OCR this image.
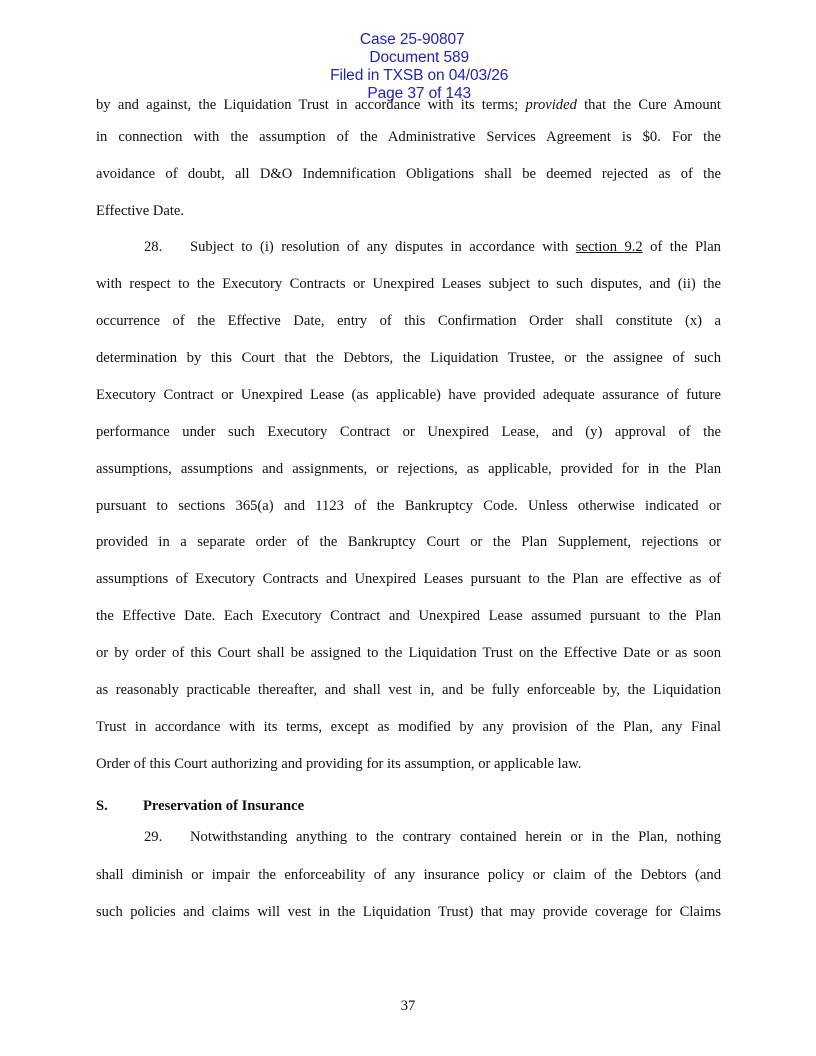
Case 25-90807
Document 589
Filed in TXSB on 04/03/26
Page 37 of 143

by and against, the Liquidation Trust in accordance with its terms; provided that the Cure Amount
in connection with the assumption of the Administrative Services Agreement is $0. For the
avoidance of doubt, all D&O Indemnification Obligations shall be deemed rejected as of the
Effective Date.
28. Subject to (i) resolution of any disputes in accordance with section 9.2 of the Plan
with respect to the Executory Contracts or Unexpired Leases subject to such disputes, and (ii) the
occurrence of the Effective Date, entry of this Confirmation Order shall constitute (x) a
determination by this Court that the Debtors, the Liquidation Trustee, or the assignee of such
Executory Contract or Unexpired Lease (as applicable) have provided adequate assurance of future
performance under such Executory Contract or Unexpired Lease, and (y) approval of the
assumptions, assumptions and assignments, or rejections, as applicable, provided for in the Plan
pursuant to sections 365(a) and 1123 of the Bankruptcy Code. Unless otherwise indicated or
provided in a separate order of the Bankruptcy Court or the Plan Supplement, rejections or
assumptions of Executory Contracts and Unexpired Leases pursuant to the Plan are effective as of
the Effective Date. Each Executory Contract and Unexpired Lease assumed pursuant to the Plan
or by order of this Court shall be assigned to the Liquidation Trust on the Effective Date or as soon
as reasonably practicable thereafter, and shall vest in, and be fully enforceable by, the Liquidation
Trust in accordance with its terms, except as modified by any provision of the Plan, any Final
Order of this Court authorizing and providing for its assumption, or applicable law.
S. Preservation of Insurance
29. Notwithstanding anything to the contrary contained herein or in the Plan, nothing
shall diminish or impair the enforceability of any insurance policy or claim of the Debtors (and
such policies and claims will vest in the Liquidation Trust) that may provide coverage for Claims
37
